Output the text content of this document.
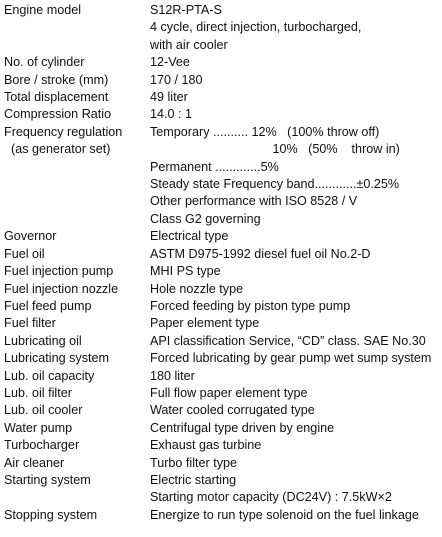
Engine model	S12R-PTA-S
4 cycle, direct injection, turbocharged,
with air cooler
No. of cylinder	12-Vee
Bore / stroke (mm)	170 / 180
Total displacement	49 liter
Compression Ratio	14.0 : 1
Frequency regulation	Temporary .......... 12%   (100% throw off)
(as generator set)	10%   (50%    throw in)
Permanent .............5%
Steady state Frequency band............±0.25%
Other performance with ISO 8528 / V
Class G2 governing
Governor	Electrical type
Fuel oil	ASTM D975-1992 diesel fuel oil No.2-D
Fuel injection pump	MHI PS type
Fuel injection nozzle	Hole nozzle type
Fuel feed pump	Forced feeding by piston type pump
Fuel filter	Paper element type
Lubricating oil	API classification Service, “CD” class. SAE No.30
Lubricating system	Forced lubricating by gear pump wet sump system
Lub. oil capacity	180 liter
Lub. oil filter	Full flow paper element type
Lub. oil cooler	Water cooled corrugated type
Water pump	Centrifugal type driven by engine
Turbocharger	Exhaust gas turbine
Air cleaner	Turbo filter type
Starting system	Electric starting
Starting motor capacity (DC24V) : 7.5kW×2
Stopping system	Energize to run type solenoid on the fuel linkage
